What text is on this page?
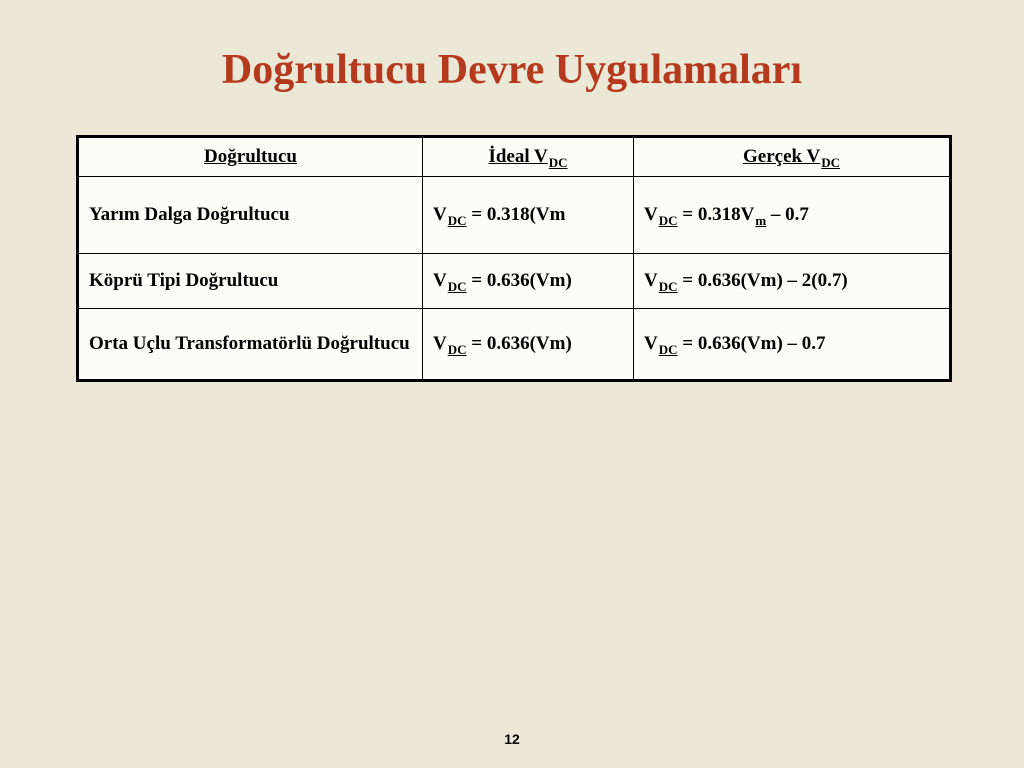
Doğrultucu Devre Uygulamaları
Doğrultucu	İdeal $V_{DC}$	Gerçek $V_{DC}$
Yarım Dalga Doğrultucu	$V_{DC} = 0.318(Vm$	$V_{DC} = 0.318V_m - 0.7$
Köprü Tipi Doğrultucu	$V_{DC} = 0.636(Vm)$	$V_{DC} = 0.636(Vm) - 2(0.7)$
Orta Uçlu Transformatörlü Doğrultucu	$V_{DC} = 0.636(Vm)$	$V_{DC} = 0.636(Vm) - 0.7$
12
